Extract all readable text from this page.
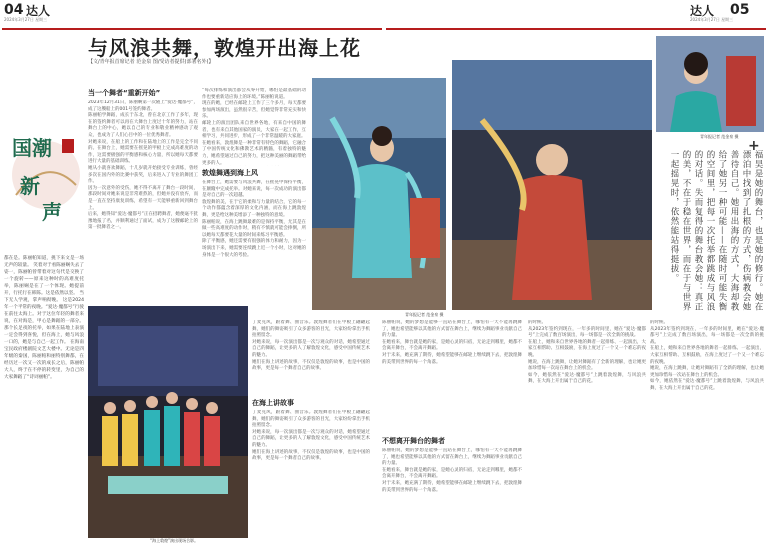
04 达人
2024年3月27日 星期三
达人 05
2024年3月27日 星期三
与风浪共舞，敦煌开出海上花
【文/青年报首席记者 范金泉 图/受访者提供(部署名外)】
国潮
新
声
都在是。陈丽帕知道，挑下来文是一场无声的较量。 笑着对于看陈丽娴失去了姿一，陈丽帕曾带着对这句代是交换了一个旋转——原来这种时的高难度托举，陈丽娴是在了一个体现。她提前开，行托行在韩陈。这是依然以坚。 当下无人学观，掌声响彻晚。 这是2024年一个平常的夜晚。“爱达·魔都号”行驶在前往太海上。对于这位年轻的舞者来说，在对海是，甲心是舞蹈的一部分。那个长足夜的托举，如果在陆地上表演一定会得到喜悦，但在海上，她与风浪一口的，她是与自己一起工作。 在海南宝民政府楼剧院文艺大楼中。无论是四年级的秦国，陈丽帕和丽特别舞都，在经历过一次又一次的成长之后，陈丽帕大人，终于在不停的转变里，为自己的大家舞蹈了“诗词丽帕”。
当一个舞者“重新开始”
2023年12月31日，陈丽娴第一次随上“爱达·魔都号”，成了这艘船上的001号签约舞者。
陈丽帕学舞蹈，成长于东北，曾在北京工作了多年，现在的签约舞者可以再在大舞台上度过十年的努力，站在舞台上的中心，她以自己的专业和敬业精神感动了观众，也成为了人们心目中的一位优秀舞者。
对她来说，在船上的工作和在陆地上的工作是完全不同的。在舞台上，她需要在摇晃的甲板上完成高难度的动作，这需要极强的平衡感和核心力量，所以她每天都要进行大量的基础训练。
她从小就喜欢舞蹈，十几岁就开始接受专业训练，曾经多次在国内外的比赛中获奖，后来进入了专业的舞团工作。
因为一次意外的受伤，她不得不离开了舞台一段时间，那段时间对她来说是非常难熬的，但她并没有放弃，而是一直在坚持康复训练，希望有一天能够重新回到舞台上。
后来，她得知“爱达·魔都号”正在招聘舞者，她便毫不犹豫地报了名，并顺利通过了面试，成为了这艘邮轮上的第一批舞者之一。
“每次排练和演出都会从零开始，哪怕是最基础的动作也要重新适应海上的环境。”陈丽帕说道。
现在的她，已经在邮轮上工作了三个多月，每天都要参加两场演出，虽然很辛苦，但她觉得非常充实和快乐。
邮轮上的演出团队来自世界各地，有来自中国的舞者，也有来自其他国家的演员，大家在一起工作，互相学习，共同进步，形成了一个非常温暖的大家庭。
在她看来，敦煌舞是一种非常有特色的舞蹈，它融合了中国传统文化和佛教艺术的精髓，有着独特的魅力，她希望通过自己的努力，把这种美丽的舞蹈带给更多的人。

敦煌舞遇到海上风
在舞台上，她需要与风浪共舞，在摇晃中保持平衡，在颠簸中完成托举。对她来说，每一次成功的演出都是对自己的一次超越。
敦煌舞的美，在于它的柔和与力量的结合，它的每一个动作都蕴含着深厚的文化内涵，而在海上跳敦煌舞，更是给这种美增添了一种独特的意境。
陈丽帕说，在海上跳舞最难的是保持平衡，尤其是在做一些高难度的动作时，稍有不慎就可能会摔倒，所以她每天都要花大量的时间来练习平衡感。
除了平衡感，她还需要有很强的体力和耐力，因为一场演出下来，她需要连续跳上近一个小时，这对她的身体是一个很大的考验。
青年报记者 范金泉 摄
“海上敦煌”演出现场合影。
了麦克风，跟着舞、曲音乐。敦煌舞者们在甲板上翩翩起舞，她们的舞姿吸引了众多游客的目光，大家纷纷拿出手机拍照留念。
对她来说，每一次演出都是一次与观众的对话，她希望通过自己的舞蹈，让更多的人了解敦煌文化，感受中国传统艺术的魅力。
她们在海上讲述的故事，不仅仅是敦煌的故事，也是中国的故事，更是每一个舞者自己的故事。
在海上讲故事
了麦克风，跟着舞、曲音乐。敦煌舞者们在甲板上翩翩起舞，她们的舞姿吸引了众多游客的目光，大家纷纷拿出手机拍照留念。
对她来说，每一次演出都是一次与观众的对话，她希望通过自己的舞蹈，让更多的人了解敦煌文化，感受中国传统艺术的魅力。
她们在海上讲述的故事，不仅仅是敦煌的故事，也是中国的故事，更是每一个舞者自己的故事。
陈丽帕说，她的梦想是能够一直站在舞台上，哪怕有一天不能再跳舞了，她也希望能够以其他的方式留在舞台上，继续为舞蹈事业贡献自己的力量。
在她看来，舞台就是她的家，是她心灵的归宿，无论走到哪里，她都不会离开舞台，不会离开舞蹈。
对于未来，她充满了期待，她希望能够在邮轮上继续跳下去，把敦煌舞的美带到世界的每一个角落。
不想离开舞台的舞者
陈丽帕说，她的梦想是能够一直站在舞台上，哪怕有一天不能再跳舞了，她也希望能够以其他的方式留在舞台上，继续为舞蹈事业贡献自己的力量。
在她看来，舞台就是她的家，是她心灵的归宿，无论走到哪里，她都不会离开舞台，不会离开舞蹈。
对于未来，她充满了期待，她希望能够在邮轮上继续跳下去，把敦煌舞的美带到世界的每一个角落。
的时候。
从2023年签约到现在，一年多的时间里，她在“爱达·魔都号”上完成了数百场演出，每一场都是一次全新的挑战。
在船上，她和来自世界各地的舞者一起排练、一起演出，大家互相帮助、互相鼓励，在海上度过了一个又一个难忘的夜晚。
她说，在海上跳舞，让她对舞蹈有了全新的理解，也让她更加珍惜每一次站在舞台上的机会。
如今，她依然在“爱达·魔都号”上跳着敦煌舞，与风浪共舞，在大海上开出属于自己的花。
的时候。
从2023年签约到现在，一年多的时间里，她在“爱达·魔都号”上完成了数百场演出，每一场都是一次全新的挑战。
在船上，她和来自世界各地的舞者一起排练、一起演出，大家互相帮助、互相鼓励，在海上度过了一个又一个难忘的夜晚。
她说，在海上跳舞，让她对舞蹈有了全新的理解，也让她更加珍惜每一次站在舞台上的机会。
如今，她依然在“爱达·魔都号”上跳着敦煌舞，与风浪共舞，在大海上开出属于自己的花。
+
福昊是她的舞台，也是她的修行。她在漂泊中找到了扎根的方式，伤病教会她善待自己。她用出海的方式，大海却教给了她另一种可能——在随时可能失衡的空间里，把每一次托举都跳成与风浪的对话。失而复得的舞台教会她：真正的美，不在于稳在世界，而在于与世界一起摇晃时，依然能站得挺拔。
青年报记者 范金泉 摄
